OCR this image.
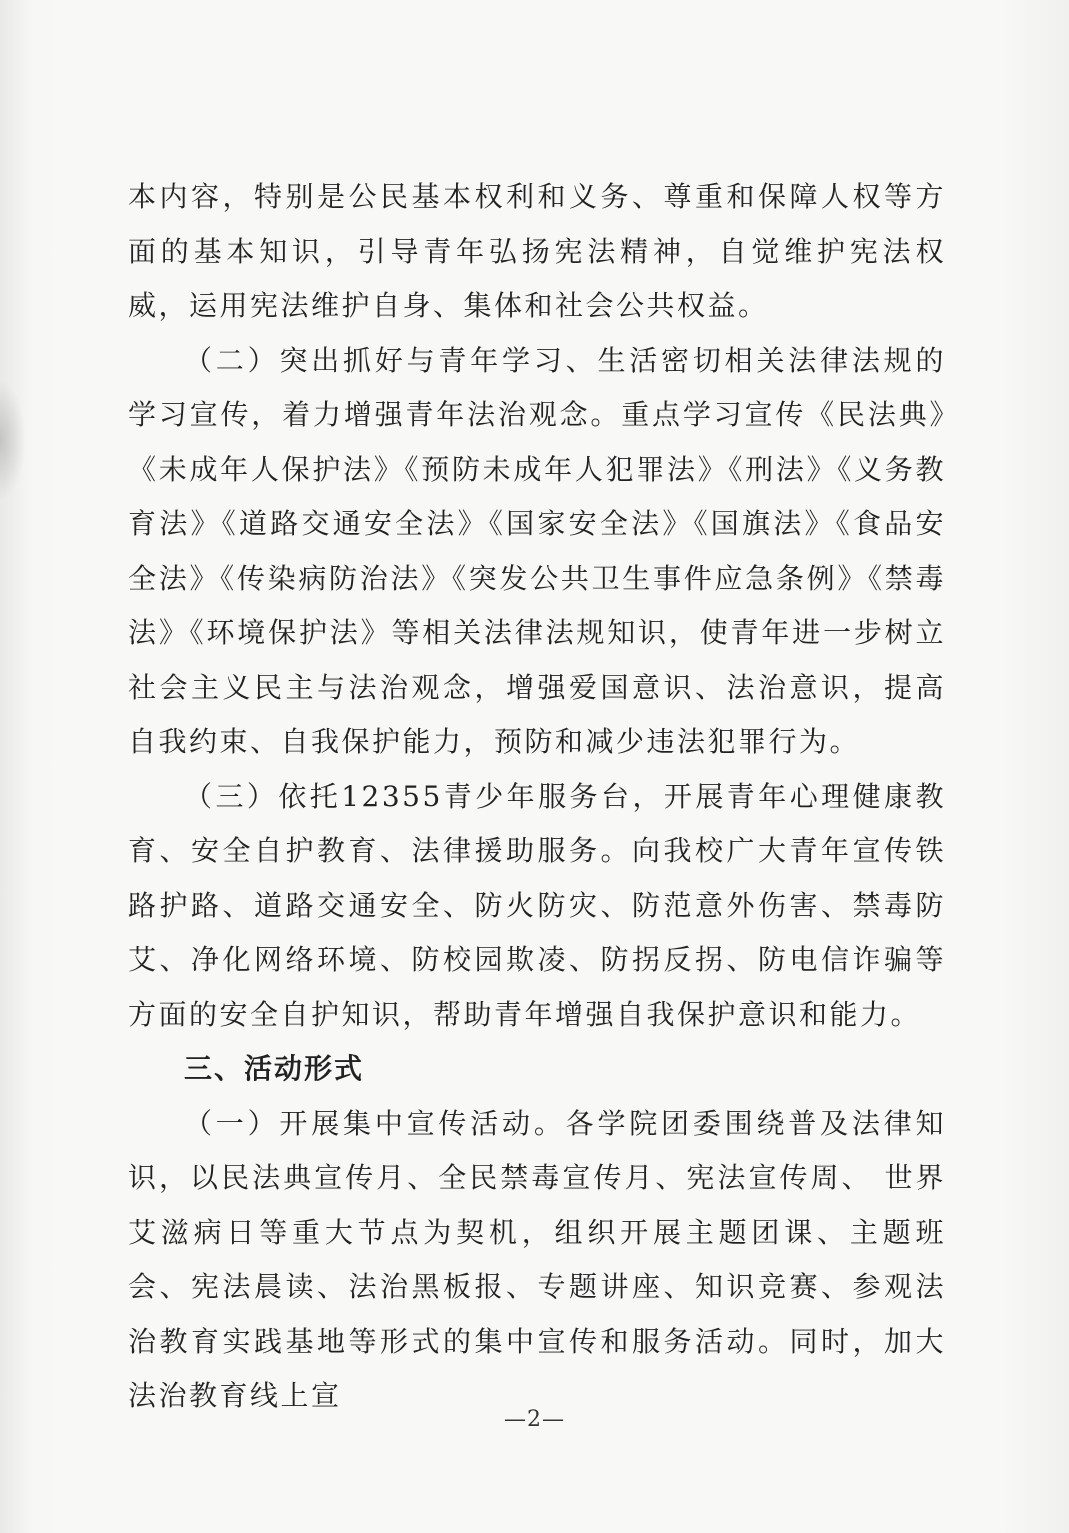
本内容，特别是公民基本权利和义务、尊重和保障人权等方面的基本知识，引导青年弘扬宪法精神，自觉维护宪法权威，运用宪法维护自身、集体和社会公共权益。

（二）突出抓好与青年学习、生活密切相关法律法规的学习宣传，着力增强青年法治观念。重点学习宣传《民法典》《未成年人保护法》《预防未成年人犯罪法》《刑法》《义务教育法》《道路交通安全法》《国家安全法》《国旗法》《食品安全法》《传染病防治法》《突发公共卫生事件应急条例》《禁毒法》《环境保护法》等相关法律法规知识，使青年进一步树立社会主义民主与法治观念，增强爱国意识、法治意识，提高自我约束、自我保护能力，预防和减少违法犯罪行为。

（三）依托12355青少年服务台，开展青年心理健康教育、安全自护教育、法律援助服务。向我校广大青年宣传铁路护路、道路交通安全、防火防灾、防范意外伤害、禁毒防艾、净化网络环境、防校园欺凌、防拐反拐、防电信诈骗等方面的安全自护知识，帮助青年增强自我保护意识和能力。

三、活动形式

（一）开展集中宣传活动。各学院团委围绕普及法律知识，以民法典宣传月、全民禁毒宣传月、宪法宣传周、 世界艾滋病日等重大节点为契机，组织开展主题团课、主题班会、宪法晨读、法治黑板报、专题讲座、知识竞赛、参观法治教育实践基地等形式的集中宣传和服务活动。同时，加大法治教育线上宣

—2—
